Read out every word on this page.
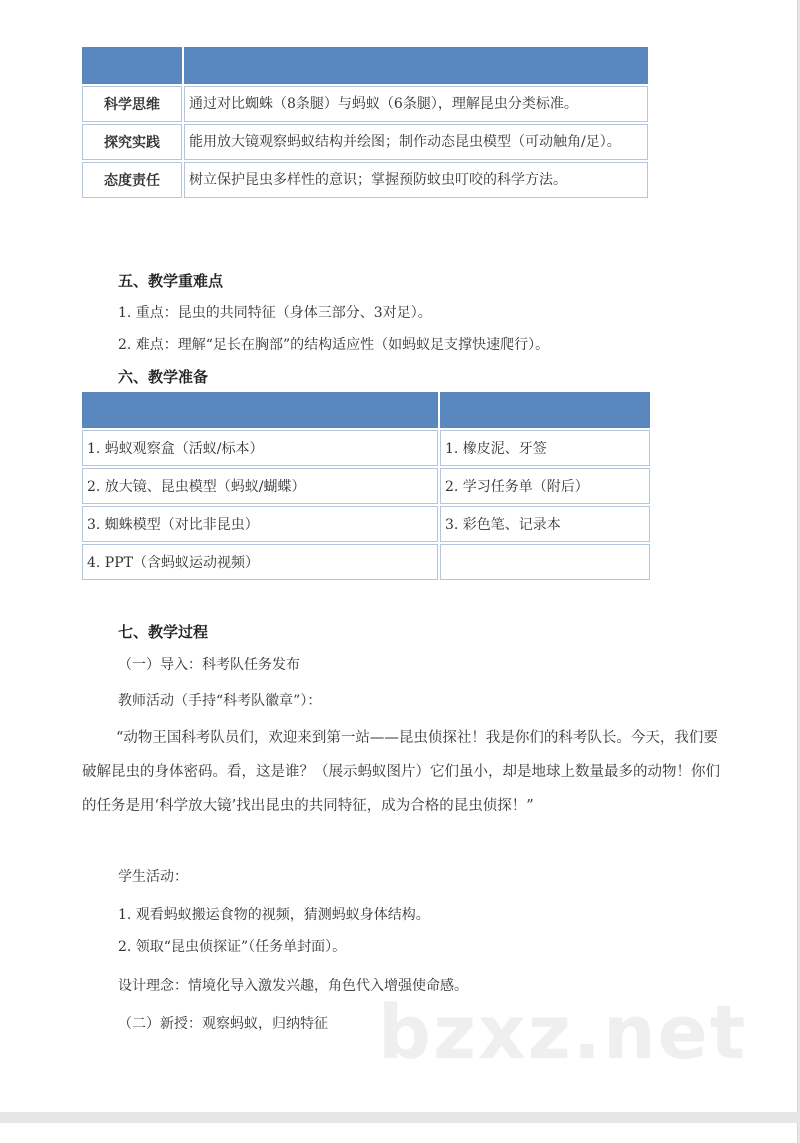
科学思维	通过对比蜘蛛（8条腿）与蚂蚁（6条腿），理解昆虫分类标准。
探究实践	能用放大镜观察蚂蚁结构并绘图；制作动态昆虫模型（可动触角/足）。
态度责任	树立保护昆虫多样性的意识；掌握预防蚊虫叮咬的科学方法。
五、教学重难点
1. 重点：昆虫的共同特征（身体三部分、3对足）。
2. 难点：理解“足长在胸部”的结构适应性（如蚂蚁足支撑快速爬行）。
六、教学准备

1. 蚂蚁观察盒（活蚁/标本）	1. 橡皮泥、牙签
2. 放大镜、昆虫模型（蚂蚁/蝴蝶）	2. 学习任务单（附后）
3. 蜘蛛模型（对比非昆虫）	3. 彩色笔、记录本
4. PPT（含蚂蚁运动视频）	
七、教学过程
（一）导入：科考队任务发布
教师活动（手持“科考队徽章”）：
“动物王国科考队员们，欢迎来到第一站——昆虫侦探社！我是你们的科考队长。今天，我们要破解昆虫的身体密码。看，这是谁？（展示蚂蚁图片）它们虽小，却是地球上数量最多的动物！你们的任务是用‘科学放大镜’找出昆虫的共同特征，成为合格的昆虫侦探！”
学生活动：
1. 观看蚂蚁搬运食物的视频，猜测蚂蚁身体结构。
2. 领取“昆虫侦探证”（任务单封面）。
设计理念：情境化导入激发兴趣，角色代入增强使命感。
bzxz.net
（二）新授：观察蚂蚁，归纳特征
